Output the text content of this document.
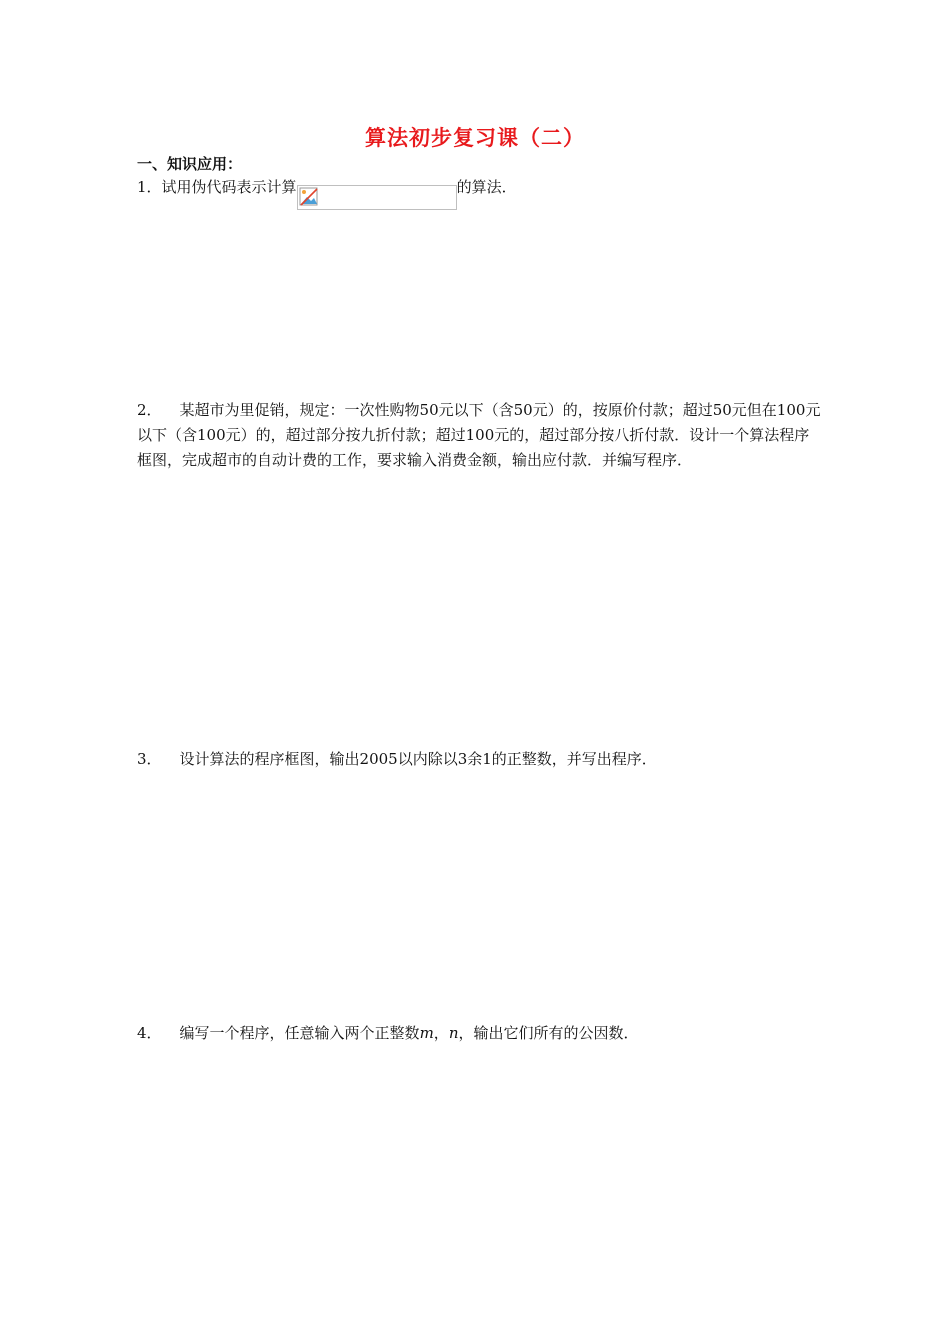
算法初步复习课（二）
一、知识应用：
1．试用伪代码表示计算	的算法．
2． 某超市为里促销，规定：一次性购物50元以下（含50元）的，按原价付款；超过50元但在100元以下（含100元）的，超过部分按九折付款；超过100元的，超过部分按八折付款．设计一个算法程序框图，完成超市的自动计费的工作，要求输入消费金额，输出应付款．并编写程序．
3． 设计算法的程序框图，输出2005以内除以3余1的正整数，并写出程序．
4． 编写一个程序，任意输入两个正整数m，n，输出它们所有的公因数．
